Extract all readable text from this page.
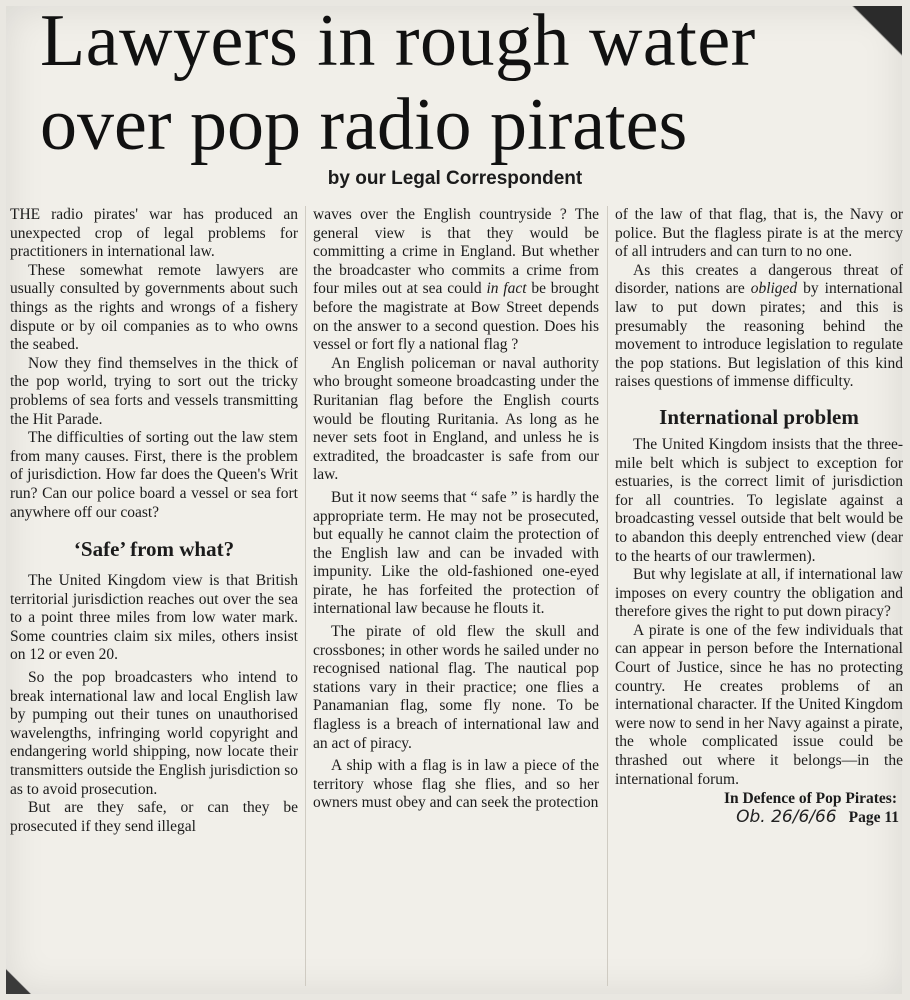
Lawyers in rough water
over pop radio pirates
by our Legal Correspondent

THE radio pirates' war has produced an unexpected crop of legal problems for practitioners in international law.

These somewhat remote lawyers are usually consulted by governments about such things as the rights and wrongs of a fishery dispute or by oil companies as to who owns the seabed.

Now they find themselves in the thick of the pop world, trying to sort out the tricky problems of sea forts and vessels transmitting the Hit Parade.

The difficulties of sorting out the law stem from many causes. First, there is the problem of jurisdiction. How far does the Queen's Writ run? Can our police board a vessel or sea fort anywhere off our coast?

‘Safe’ from what?

The United Kingdom view is that British territorial jurisdiction reaches out over the sea to a point three miles from low water mark. Some countries claim six miles, others insist on 12 or even 20.

So the pop broadcasters who intend to break international law and local English law by pumping out their tunes on unauthorised wavelengths, infringing world copyright and endangering world shipping, now locate their transmitters outside the English jurisdiction so as to avoid prosecution.

But are they safe, or can they be prosecuted if they send illegal

waves over the English countryside ? The general view is that they would be committing a crime in England. But whether the broadcaster who commits a crime from four miles out at sea could in fact be brought before the magistrate at Bow Street depends on the answer to a second question. Does his vessel or fort fly a national flag ?

An English policeman or naval authority who brought someone broadcasting under the Ruritanian flag before the English courts would be flouting Ruritania. As long as he never sets foot in England, and unless he is extradited, the broadcaster is safe from our law.

But it now seems that “ safe ” is hardly the appropriate term. He may not be prosecuted, but equally he cannot claim the protection of the English law and can be invaded with impunity. Like the old-fashioned one-eyed pirate, he has forfeited the protection of international law because he flouts it.

The pirate of old flew the skull and crossbones; in other words he sailed under no recognised national flag. The nautical pop stations vary in their practice; one flies a Panamanian flag, some fly none. To be flagless is a breach of international law and an act of piracy.

A ship with a flag is in law a piece of the territory whose flag she flies, and so her owners must obey and can seek the protection

of the law of that flag, that is, the Navy or police. But the flagless pirate is at the mercy of all intruders and can turn to no one.

As this creates a dangerous threat of disorder, nations are obliged by international law to put down pirates; and this is presumably the reasoning behind the movement to introduce legislation to regulate the pop stations. But legislation of this kind raises questions of immense difficulty.

International problem

The United Kingdom insists that the three-mile belt which is subject to exception for estuaries, is the correct limit of jurisdiction for all countries. To legislate against a broadcasting vessel outside that belt would be to abandon this deeply entrenched view (dear to the hearts of our trawlermen).

But why legislate at all, if international law imposes on every country the obligation and therefore gives the right to put down piracy?

A pirate is one of the few individuals that can appear in person before the International Court of Justice, since he has no protecting country. He creates problems of an international character. If the United Kingdom were now to send in her Navy against a pirate, the whole complicated issue could be thrashed out where it belongs—in the international forum.

In Defence of Pop Pirates:
Ob. 26/6/66 Page 11
